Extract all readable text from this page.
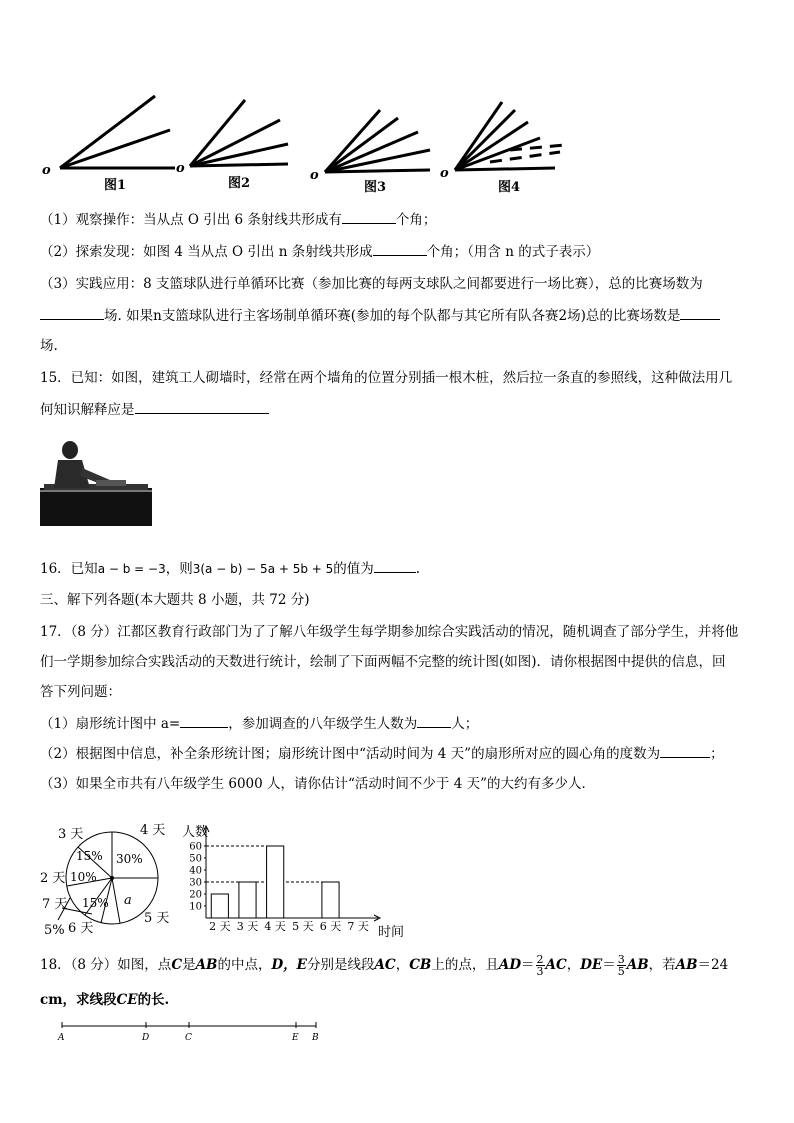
o	o	o	o
图1	图2	图3	图4
（1）观察操作：当从点 O 引出 6 条射线共形成有	个角；
（2）探索发现：如图 4 当从点 O 引出 n 条射线共形成	个角；（用含 n 的式子表示）
（3）实践应用：8 支篮球队进行单循环比赛（参加比赛的每两支球队之间都要进行一场比赛），总的比赛场数为
场. 如果n支篮球队进行主客场制单循环赛(参加的每个队都与其它所有队各赛2场)总的比赛场数是
场.
15．已知：如图，建筑工人砌墙时，经常在两个墙角的位置分别插一根木桩，然后拉一条直的参照线，这种做法用几
何知识解释应是
16．已知a − b = −3，则3(a − b) − 5a + 5b + 5的值为	.
三、解下列各题(本大题共 8 小题，共 72 分)
17．（8 分）江都区教育行政部门为了了解八年级学生每学期参加综合实践活动的情况，随机调查了部分学生，并将他
们一学期参加综合实践活动的天数进行统计，绘制了下面两幅不完整的统计图(如图)．请你根据图中提供的信息，回
答下列问题：
（1）扇形统计图中 a=	，参加调查的八年级学生人数为	人；
（2）根据图中信息，补全条形统计图；扇形统计图中“活动时间为 4 天”的扇形所对应的圆心角的度数为	；
（3）如果全市共有八年级学生 6000 人，请你估计“活动时间不少于 4 天”的大约有多少人．
3 天	4 天
2 天
7 天
5% 6 天
5 天
15% 30%
10%
15% a	10
20
30
40
50
60
2 天 3 天 4 天 5 天 6 天 7 天
人数
时间
18．（8 分）如图，点C是AB的中点，D，E分别是线段AC，CB上的点，且$AD= \frac{2}{3}$ AC，$DE= \frac{3}{5}$ AB，若AB＝24
cm，求线段CE的长.
A	D	C	E B
